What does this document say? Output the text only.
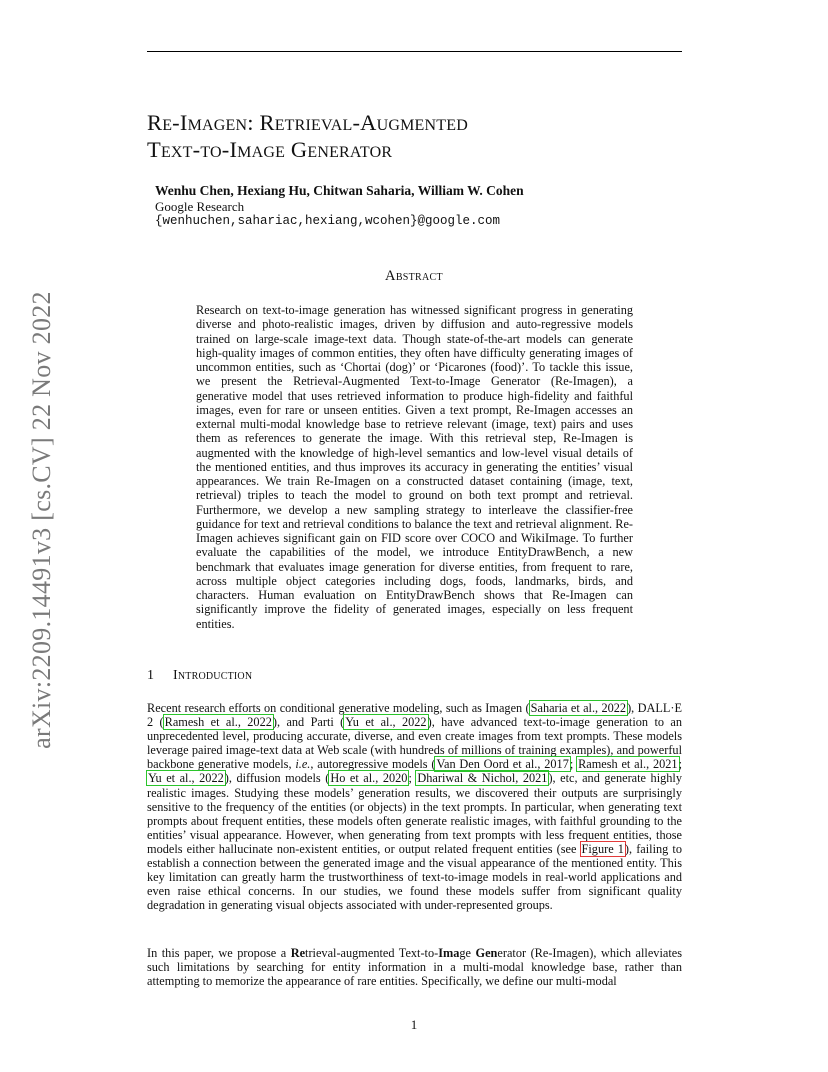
arXiv:2209.14491v3 [cs.CV] 22 Nov 2022
Re-Imagen: Retrieval-Augmented
Text-to-Image Generator
Wenhu Chen, Hexiang Hu, Chitwan Saharia, William W. Cohen
Google Research
{wenhuchen,sahariac,hexiang,wcohen}@google.com
Abstract
Research on text-to-image generation has witnessed significant progress in generating diverse and photo-realistic images, driven by diffusion and auto-regressive models trained on large-scale image-text data. Though state-of-the-art models can generate high-quality images of common entities, they often have difficulty generating images of uncommon entities, such as ‘Chortai (dog)’ or ‘Picarones (food)’. To tackle this issue, we present the Retrieval-Augmented Text-to-Image Generator (Re-Imagen), a generative model that uses retrieved information to produce high-fidelity and faithful images, even for rare or unseen entities. Given a text prompt, Re-Imagen accesses an external multi-modal knowledge base to retrieve relevant (image, text) pairs and uses them as references to generate the image. With this retrieval step, Re-Imagen is augmented with the knowledge of high-level semantics and low-level visual details of the mentioned entities, and thus improves its accuracy in generating the entities’ visual appearances. We train Re-Imagen on a constructed dataset containing (image, text, retrieval) triples to teach the model to ground on both text prompt and retrieval. Furthermore, we develop a new sampling strategy to interleave the classifier-free guidance for text and retrieval conditions to balance the text and retrieval alignment. Re-Imagen achieves significant gain on FID score over COCO and WikiImage. To further evaluate the capabilities of the model, we introduce EntityDrawBench, a new benchmark that evaluates image generation for diverse entities, from frequent to rare, across multiple object categories including dogs, foods, landmarks, birds, and characters. Human evaluation on EntityDrawBench shows that Re-Imagen can significantly improve the fidelity of generated images, especially on less frequent entities.
1 Introduction
Recent research efforts on conditional generative modeling, such as Imagen (Saharia et al., 2022), DALL·E 2 (Ramesh et al., 2022), and Parti (Yu et al., 2022), have advanced text-to-image generation to an unprecedented level, producing accurate, diverse, and even create images from text prompts. These models leverage paired image-text data at Web scale (with hundreds of millions of training examples), and powerful backbone generative models, i.e., autoregressive models (Van Den Oord et al., 2017; Ramesh et al., 2021; Yu et al., 2022), diffusion models (Ho et al., 2020; Dhariwal & Nichol, 2021), etc, and generate highly realistic images. Studying these models’ generation results, we discovered their outputs are surprisingly sensitive to the frequency of the entities (or objects) in the text prompts. In particular, when generating text prompts about frequent entities, these models often generate realistic images, with faithful grounding to the entities’ visual appearance. However, when generating from text prompts with less frequent entities, those models either hallucinate non-existent entities, or output related frequent entities (see Figure 1), failing to establish a connection between the generated image and the visual appearance of the mentioned entity. This key limitation can greatly harm the trustworthiness of text-to-image models in real-world applications and even raise ethical concerns. In our studies, we found these models suffer from significant quality degradation in generating visual objects associated with under-represented groups.
In this paper, we propose a Retrieval-augmented Text-to-Image Generator (Re-Imagen), which alleviates such limitations by searching for entity information in a multi-modal knowledge base, rather than attempting to memorize the appearance of rare entities. Specifically, we define our multi-modal
1
